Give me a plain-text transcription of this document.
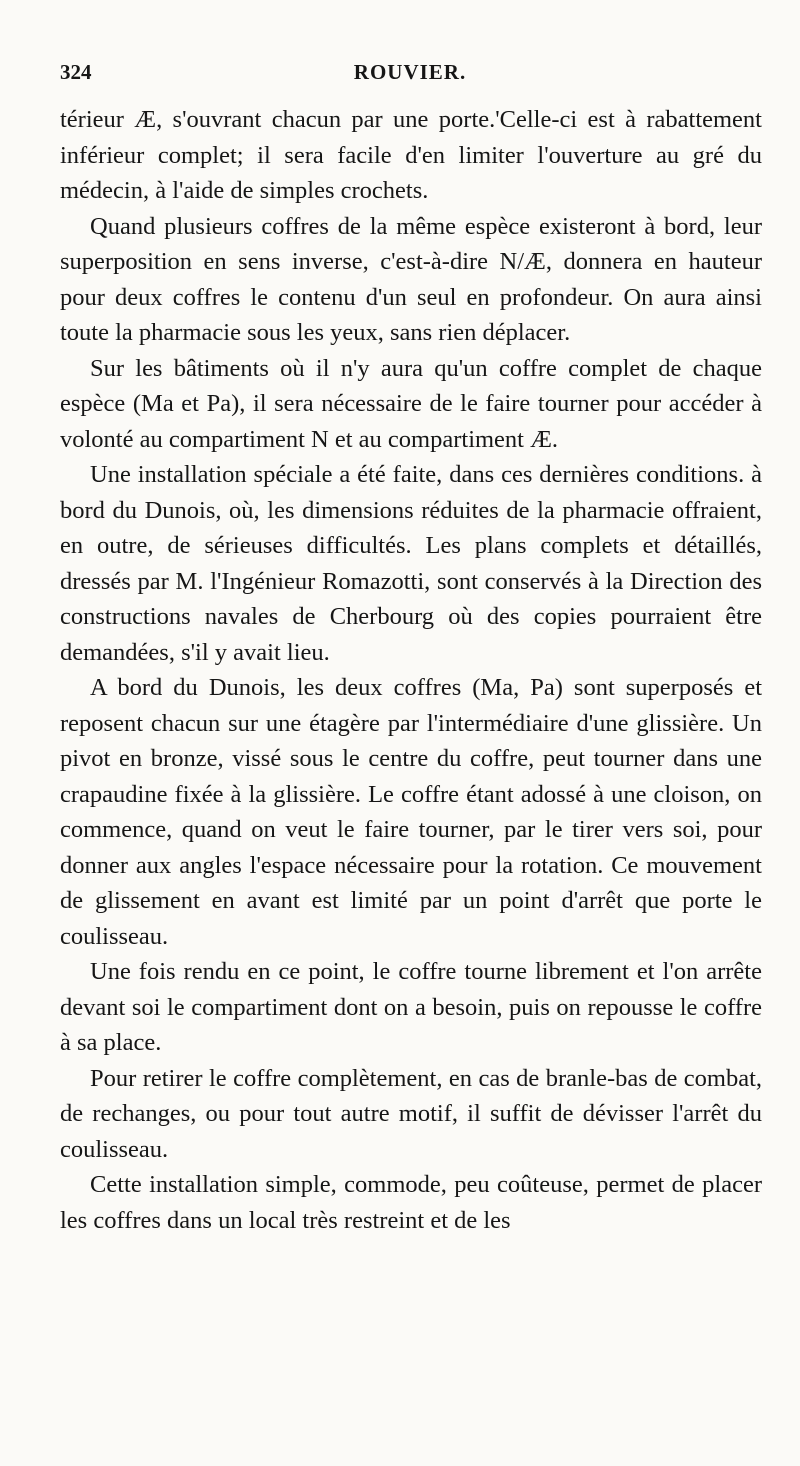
324	ROUVIER.

térieur Æ, s'ouvrant chacun par une porte.'Celle-ci est à rabattement inférieur complet; il sera facile d'en limiter l'ouverture au gré du médecin, à l'aide de simples crochets.

Quand plusieurs coffres de la même espèce existeront à bord, leur superposition en sens inverse, c'est-à-dire N/Æ, donnera en hauteur pour deux coffres le contenu d'un seul en profondeur. On aura ainsi toute la pharmacie sous les yeux, sans rien déplacer.

Sur les bâtiments où il n'y aura qu'un coffre complet de chaque espèce (Ma et Pa), il sera nécessaire de le faire tourner pour accéder à volonté au compartiment N et au compartiment Æ.

Une installation spéciale a été faite, dans ces dernières conditions. à bord du Dunois, où, les dimensions réduites de la pharmacie offraient, en outre, de sérieuses difficultés. Les plans complets et détaillés, dressés par M. l'Ingénieur Romazotti, sont conservés à la Direction des constructions navales de Cherbourg où des copies pourraient être demandées, s'il y avait lieu.

A bord du Dunois, les deux coffres (Ma, Pa) sont superposés et reposent chacun sur une étagère par l'intermédiaire d'une glissière. Un pivot en bronze, vissé sous le centre du coffre, peut tourner dans une crapaudine fixée à la glissière. Le coffre étant adossé à une cloison, on commence, quand on veut le faire tourner, par le tirer vers soi, pour donner aux angles l'espace nécessaire pour la rotation. Ce mouvement de glissement en avant est limité par un point d'arrêt que porte le coulisseau.

Une fois rendu en ce point, le coffre tourne librement et l'on arrête devant soi le compartiment dont on a besoin, puis on repousse le coffre à sa place.

Pour retirer le coffre complètement, en cas de branle-bas de combat, de rechanges, ou pour tout autre motif, il suffit de dévisser l'arrêt du coulisseau.

Cette installation simple, commode, peu coûteuse, permet de placer les coffres dans un local très restreint et de les
